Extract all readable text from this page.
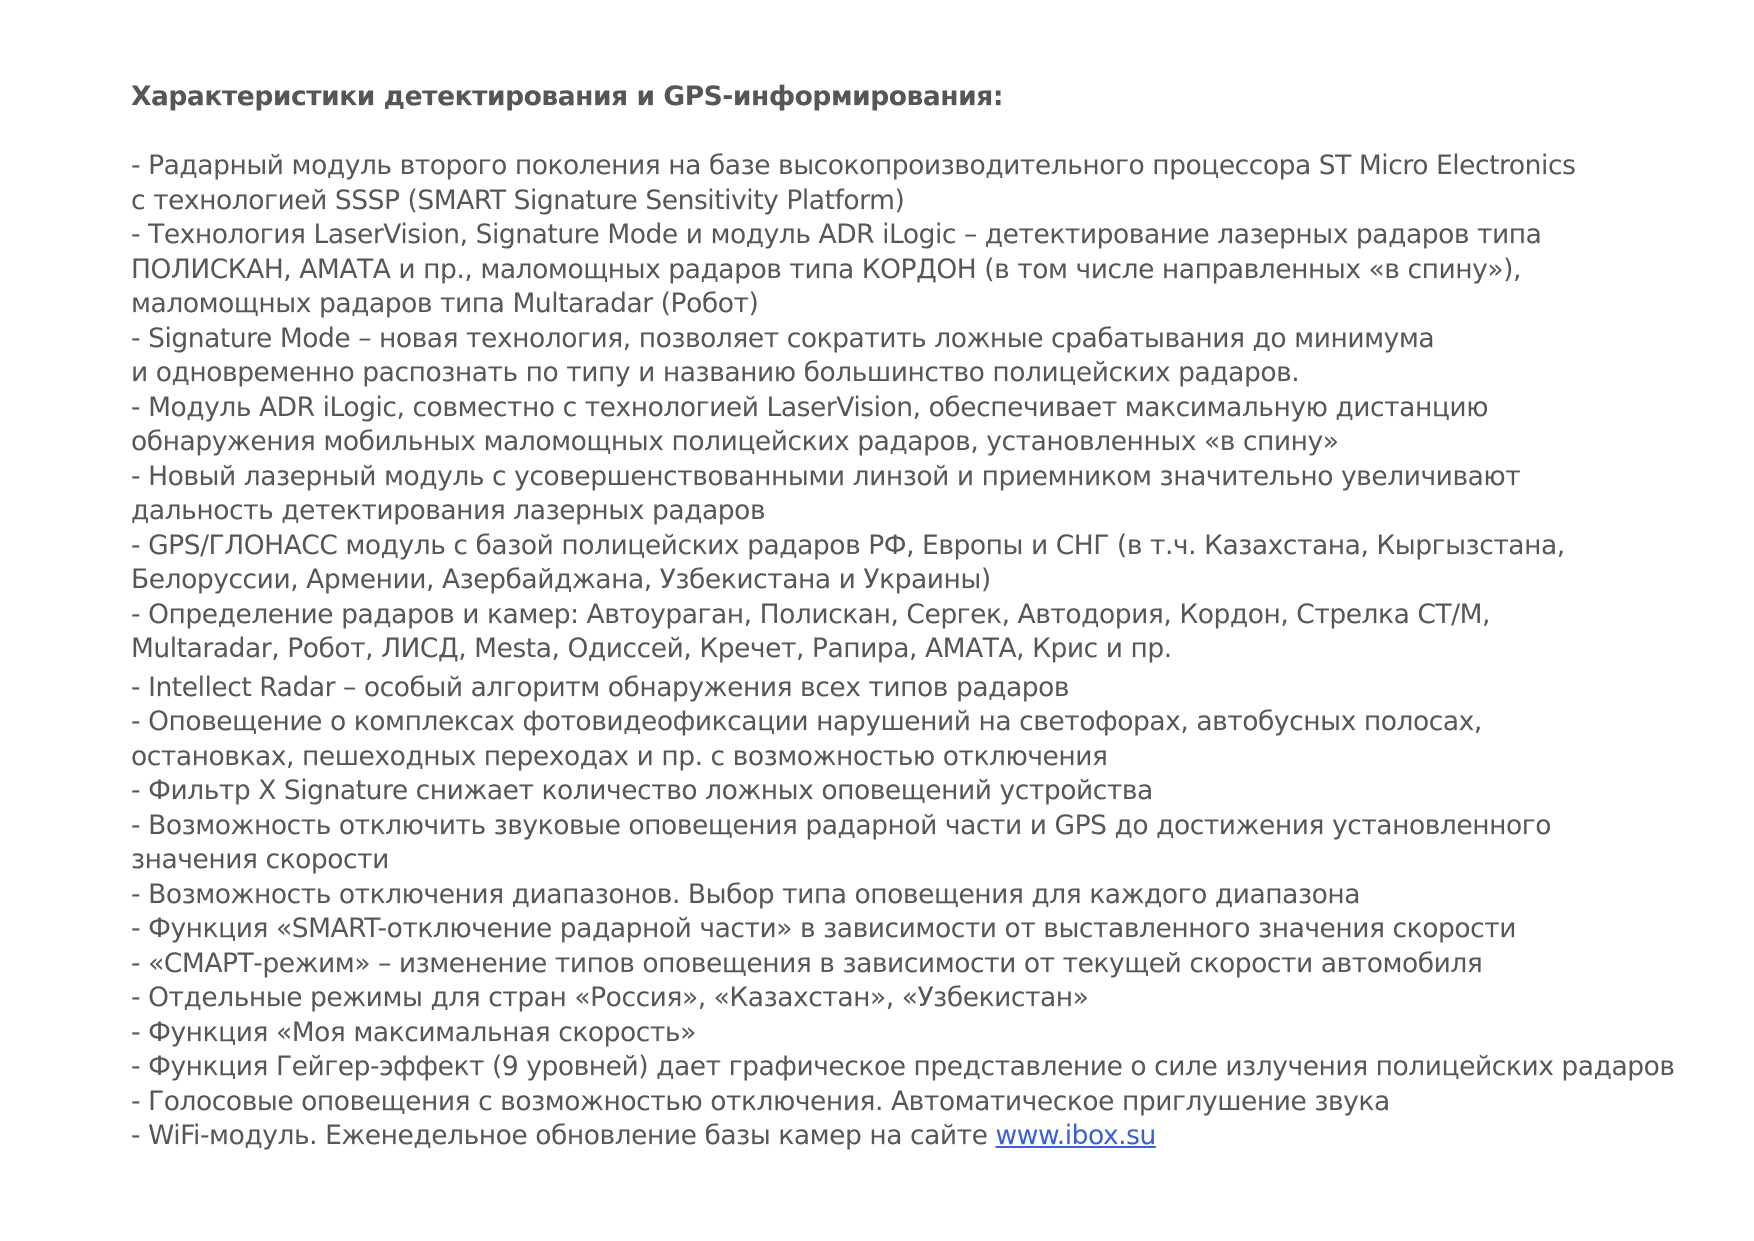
Характеристики детектирования и GPS-информирования:
- Радарный модуль второго поколения на базе высокопроизводительного процессора ST Micro Electronics
с технологией SSSP (SMART Signature Sensitivity Platform)
- Технология LaserVision, Signature Mode и модуль ADR iLogic – детектирование лазерных радаров типа
ПОЛИСКАН, АМАТА и пр., маломощных радаров типа КОРДОН (в том числе направленных «в спину»),
маломощных радаров типа Multaradar (Робот)
- Signature Mode – новая технология, позволяет сократить ложные срабатывания до минимума
и одновременно распознать по типу и названию большинство полицейских радаров.
- Модуль ADR iLogic, совместно с технологией LaserVision, обеспечивает максимальную дистанцию
обнаружения мобильных маломощных полицейских радаров, установленных «в спину»
- Новый лазерный модуль с усовершенствованными линзой и приемником значительно увеличивают
дальность детектирования лазерных радаров
- GPS/ГЛОНАСС модуль с базой полицейских радаров РФ, Европы и СНГ (в т.ч. Казахстана, Кыргызстана,
Белоруссии, Армении, Азербайджана, Узбекистана и Украины)
- Определение радаров и камер: Автоураган, Полискан, Сергек, Автодория, Кордон, Стрелка СТ/М,
Multaradar, Робот, ЛИСД, Mesta, Одиссей, Кречет, Рапира, АМАТА, Крис и пр.
- Intellect Radar – особый алгоритм обнаружения всех типов радаров
- Оповещение о комплексах фотовидеофиксации нарушений на светофорах, автобусных полосах,
остановках, пешеходных переходах и пр. с возможностью отключения
- Фильтр X Signature снижает количество ложных оповещений устройства
- Возможность отключить звуковые оповещения радарной части и GPS до достижения установленного
значения скорости
- Возможность отключения диапазонов. Выбор типа оповещения для каждого диапазона
- Функция «SMART-отключение радарной части» в зависимости от выставленного значения скорости
- «СМАРТ-режим» – изменение типов оповещения в зависимости от текущей скорости автомобиля
- Отдельные режимы для стран «Россия», «Казахстан», «Узбекистан»
- Функция «Моя максимальная скорость»
- Функция Гейгер-эффект (9 уровней) дает графическое представление о силе излучения полицейских радаров
- Голосовые оповещения с возможностью отключения. Автоматическое приглушение звука
- WiFi-модуль. Еженедельное обновление базы камер на сайте www.ibox.su
